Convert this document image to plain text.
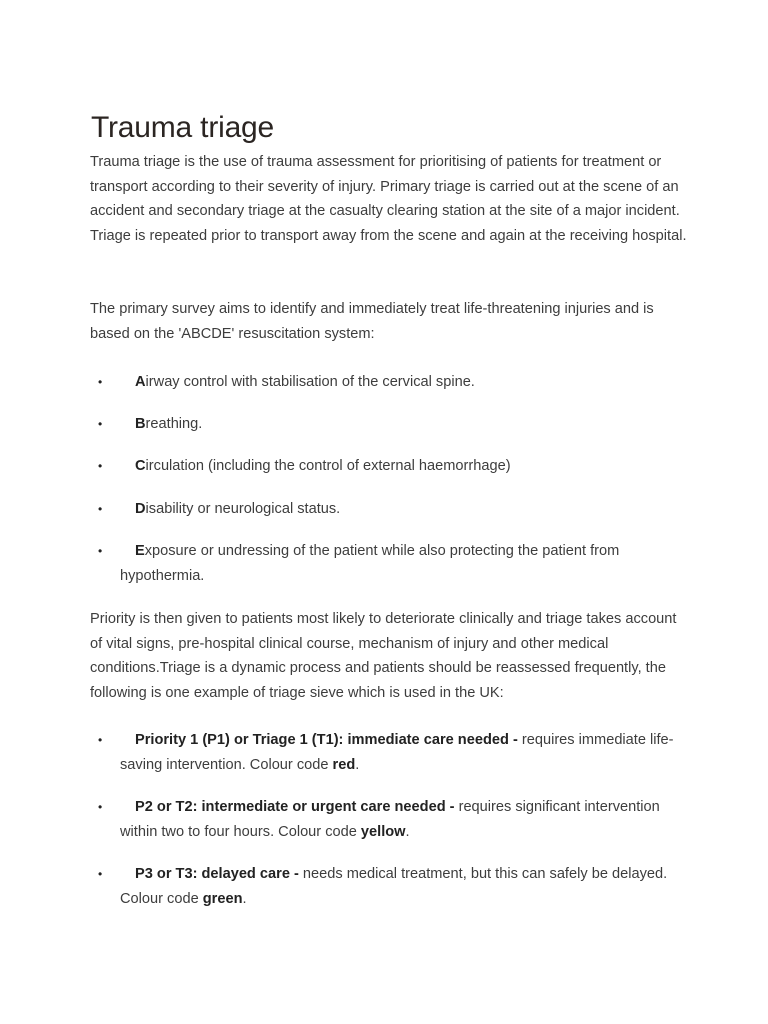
Trauma triage

Trauma triage is the use of trauma assessment for prioritising of patients for treatment or transport according to their severity of injury. Primary triage is carried out at the scene of an accident and secondary triage at the casualty clearing station at the site of a major incident. Triage is repeated prior to transport away from the scene and again at the receiving hospital.

The primary survey aims to identify and immediately treat life-threatening injuries and is based on the 'ABCDE' resuscitation system:

• Airway control with stabilisation of the cervical spine.
• Breathing.
• Circulation (including the control of external haemorrhage)
• Disability or neurological status.
• Exposure or undressing of the patient while also protecting the patient from hypothermia.

Priority is then given to patients most likely to deteriorate clinically and triage takes account of vital signs, pre-hospital clinical course, mechanism of injury and other medical conditions.Triage is a dynamic process and patients should be reassessed frequently, the following is one example of triage sieve which is used in the UK:

• Priority 1 (P1) or Triage 1 (T1): immediate care needed - requires immediate life-saving intervention. Colour code red.
• P2 or T2: intermediate or urgent care needed - requires significant intervention within two to four hours. Colour code yellow.
• P3 or T3: delayed care - needs medical treatment, but this can safely be delayed. Colour code green.
